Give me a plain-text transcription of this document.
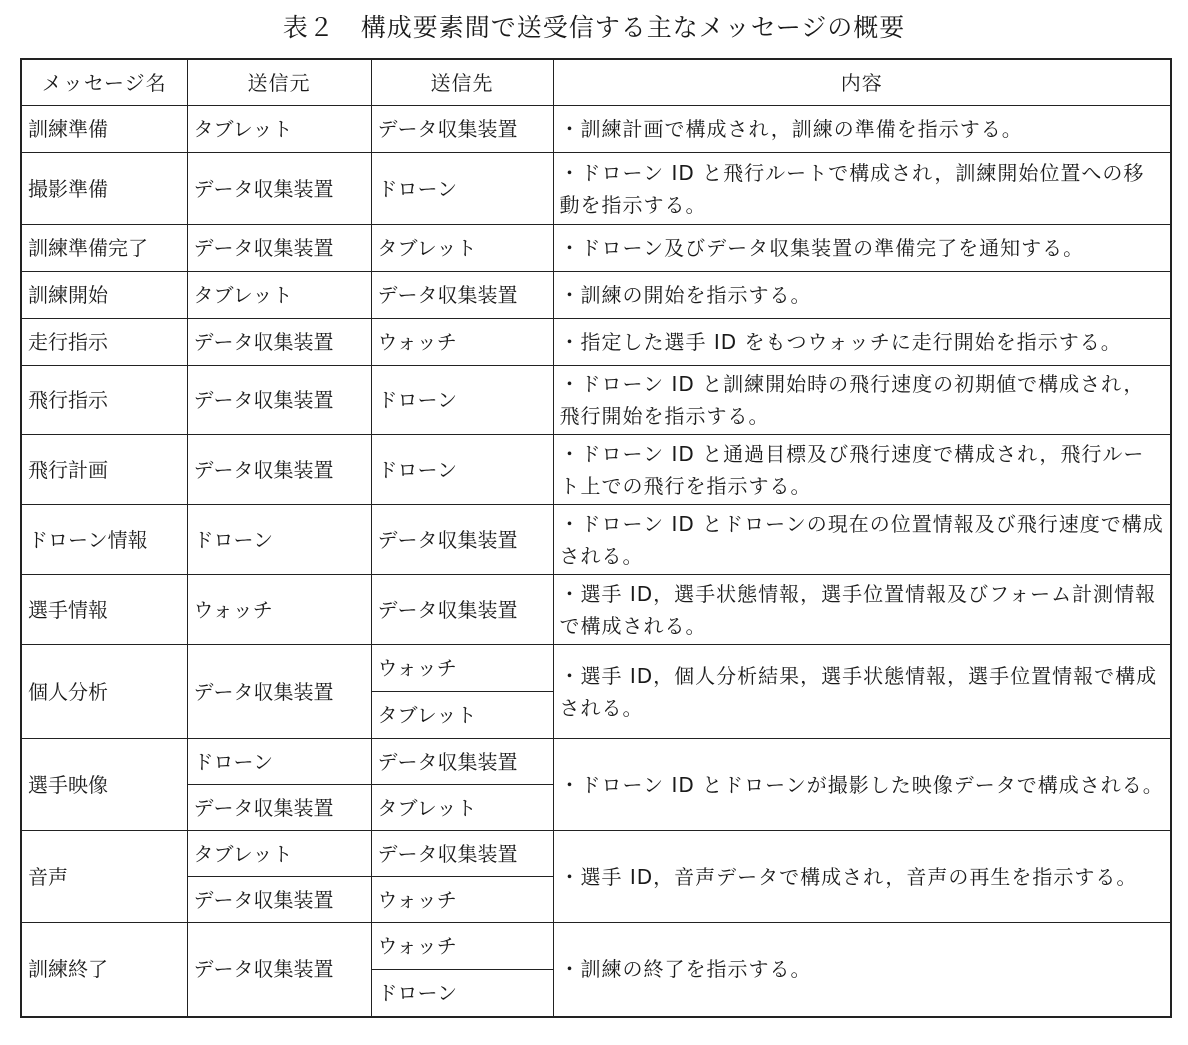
表２　構成要素間で送受信する主なメッセージの概要
メッセージ名	送信元	送信先	内容
訓練準備	タブレット	データ収集装置	・訓練計画で構成され，訓練の準備を指示する。
撮影準備	データ収集装置	ドローン	・ドローン ID と飛行ルートで構成され，訓練開始位置への移動を指示する。
訓練準備完了	データ収集装置	タブレット	・ドローン及びデータ収集装置の準備完了を通知する。
訓練開始	タブレット	データ収集装置	・訓練の開始を指示する。
走行指示	データ収集装置	ウォッチ	・指定した選手 ID をもつウォッチに走行開始を指示する。
飛行指示	データ収集装置	ドローン	・ドローン ID と訓練開始時の飛行速度の初期値で構成され，飛行開始を指示する。
飛行計画	データ収集装置	ドローン	・ドローン ID と通過目標及び飛行速度で構成され，飛行ルート上での飛行を指示する。
ドローン情報	ドローン	データ収集装置	・ドローン ID とドローンの現在の位置情報及び飛行速度で構成される。
選手情報	ウォッチ	データ収集装置	・選手 ID，選手状態情報，選手位置情報及びフォーム計測情報で構成される。
個人分析	データ収集装置	ウォッチ	・選手 ID，個人分析結果，選手状態情報，選手位置情報で構成される。
		タブレット	
選手映像	ドローン	データ収集装置	・ドローン ID とドローンが撮影した映像データで構成される。
	データ収集装置	タブレット	
音声	タブレット	データ収集装置	・選手 ID，音声データで構成され，音声の再生を指示する。
	データ収集装置	ウォッチ	
訓練終了	データ収集装置	ウォッチ	・訓練の終了を指示する。
		ドローン	
